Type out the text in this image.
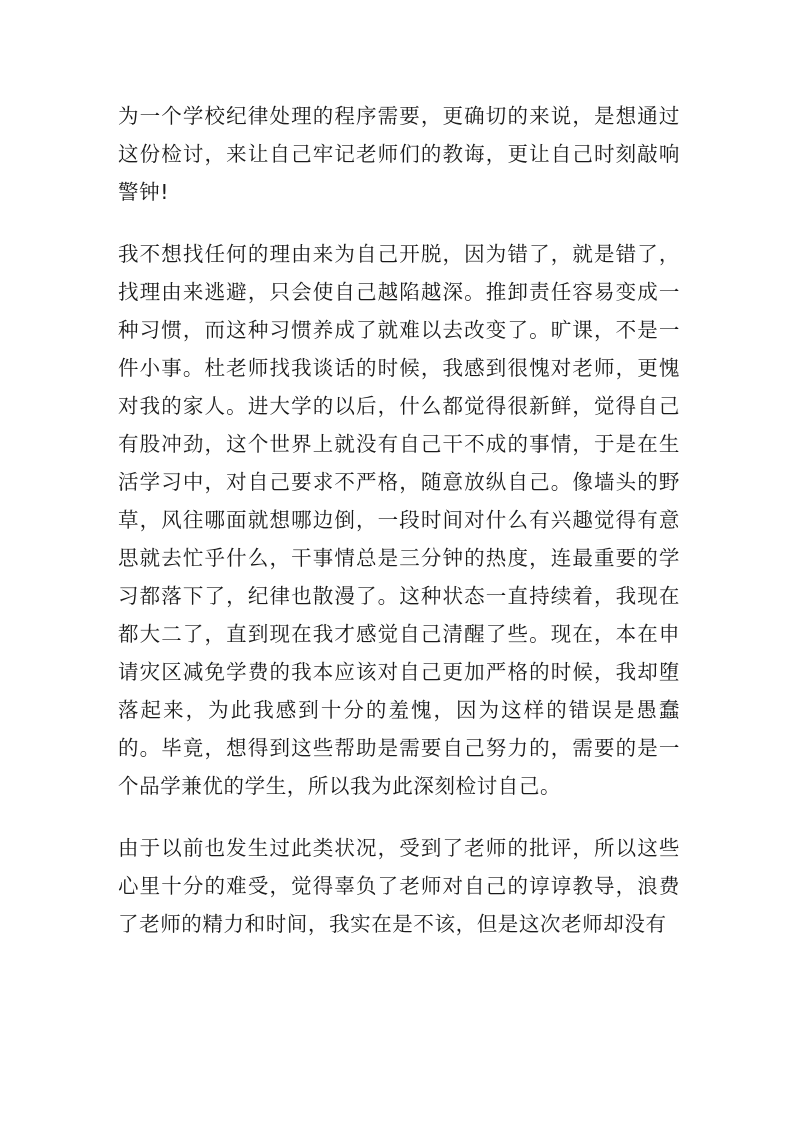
为一个学校纪律处理的程序需要，更确切的来说，是想通过这份检讨，来让自己牢记老师们的教诲，更让自己时刻敲响警钟!

我不想找任何的理由来为自己开脱，因为错了，就是错了，找理由来逃避，只会使自己越陷越深。推卸责任容易变成一种习惯，而这种习惯养成了就难以去改变了。旷课，不是一件小事。杜老师找我谈话的时候，我感到很愧对老师，更愧对我的家人。进大学的以后，什么都觉得很新鲜，觉得自己有股冲劲，这个世界上就没有自己干不成的事情，于是在生活学习中，对自己要求不严格，随意放纵自己。像墙头的野草，风往哪面就想哪边倒，一段时间对什么有兴趣觉得有意思就去忙乎什么，干事情总是三分钟的热度，连最重要的学习都落下了，纪律也散漫了。这种状态一直持续着，我现在都大二了，直到现在我才感觉自己清醒了些。现在，本在申请灾区减免学费的我本应该对自己更加严格的时候，我却堕落起来，为此我感到十分的羞愧，因为这样的错误是愚蠢的。毕竟，想得到这些帮助是需要自己努力的，需要的是一个品学兼优的学生，所以我为此深刻检讨自己。

由于以前也发生过此类状况，受到了老师的批评，所以这些心里十分的难受，觉得辜负了老师对自己的谆谆教导，浪费了老师的精力和时间，我实在是不该，但是这次老师却没有
